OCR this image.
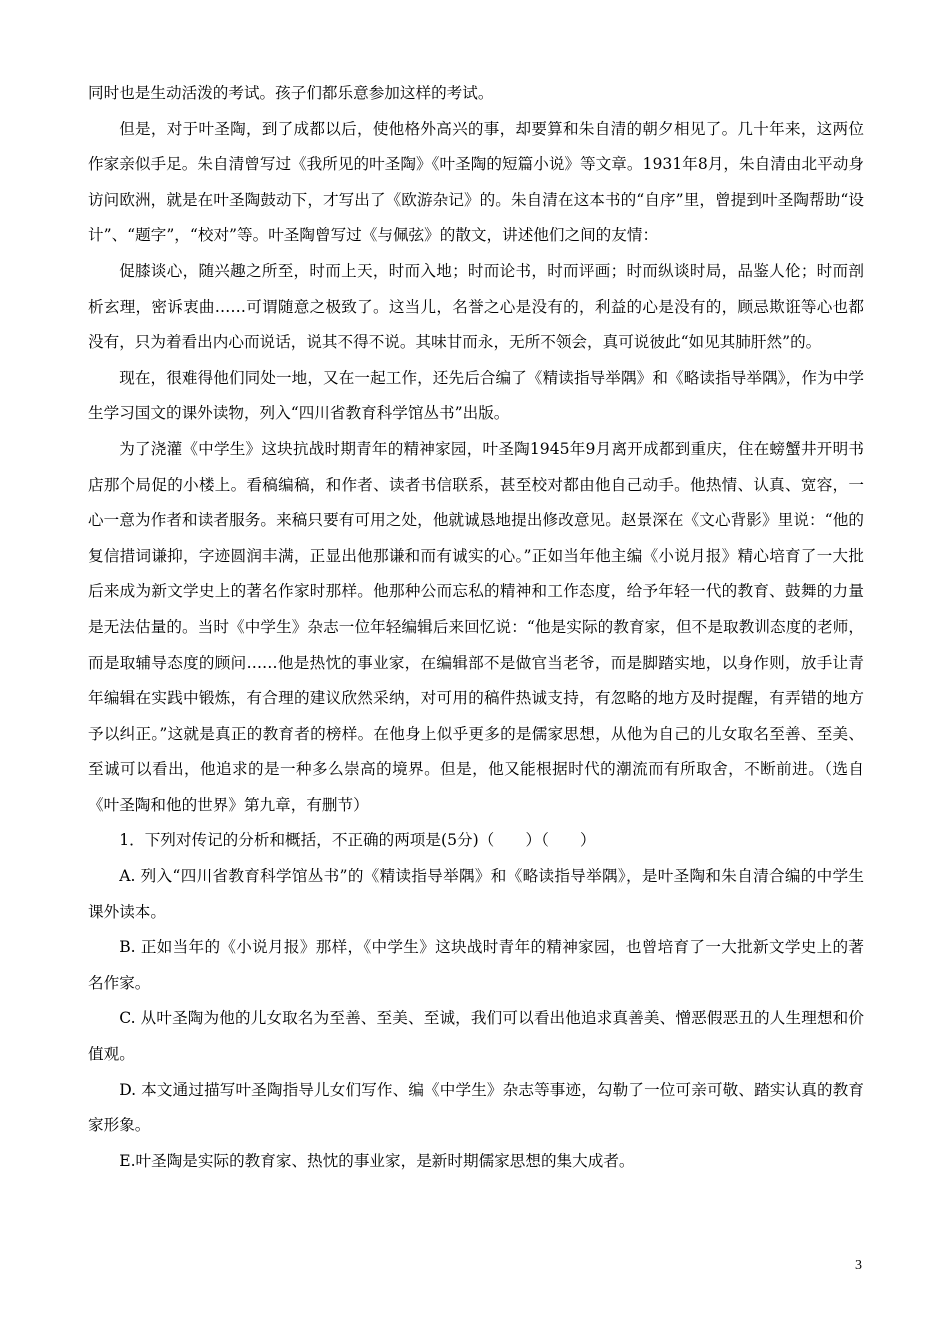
同时也是生动活泼的考试。孩子们都乐意参加这样的考试。

但是，对于叶圣陶，到了成都以后，使他格外高兴的事，却要算和朱自清的朝夕相见了。几十年来，这两位作家亲似手足。朱自清曾写过《我所见的叶圣陶》《叶圣陶的短篇小说》等文章。1931年8月，朱自清由北平动身访问欧洲，就是在叶圣陶鼓动下，才写出了《欧游杂记》的。朱自清在这本书的“自序”里，曾提到叶圣陶帮助“设计”、“题字”，“校对”等。叶圣陶曾写过《与佩弦》的散文，讲述他们之间的友情：

促膝谈心，随兴趣之所至，时而上天，时而入地；时而论书，时而评画；时而纵谈时局，品鉴人伦；时而剖析玄理，密诉衷曲……可谓随意之极致了。这当儿，名誉之心是没有的，利益的心是没有的，顾忌欺诳等心也都没有，只为着看出内心而说话，说其不得不说。其味甘而永，无所不领会，真可说彼此“如见其肺肝然”的。

现在，很难得他们同处一地，又在一起工作，还先后合编了《精读指导举隅》和《略读指导举隅》，作为中学生学习国文的课外读物，列入“四川省教育科学馆丛书”出版。

为了浇灌《中学生》这块抗战时期青年的精神家园，叶圣陶1945年9月离开成都到重庆，住在螃蟹井开明书店那个局促的小楼上。看稿编稿，和作者、读者书信联系，甚至校对都由他自己动手。他热情、认真、宽容，一心一意为作者和读者服务。来稿只要有可用之处，他就诚恳地提出修改意见。赵景深在《文心背影》里说：“他的复信措词谦抑，字迹圆润丰满，正显出他那谦和而有诚实的心。”正如当年他主编《小说月报》精心培育了一大批后来成为新文学史上的著名作家时那样。他那种公而忘私的精神和工作态度，给予年轻一代的教育、鼓舞的力量是无法估量的。当时《中学生》杂志一位年轻编辑后来回忆说：“他是实际的教育家，但不是取教训态度的老师，而是取辅导态度的顾问……他是热忱的事业家，在编辑部不是做官当老爷，而是脚踏实地，以身作则，放手让青年编辑在实践中锻炼，有合理的建议欣然采纳，对可用的稿件热诚支持，有忽略的地方及时提醒，有弄错的地方予以纠正。”这就是真正的教育者的榜样。在他身上似乎更多的是儒家思想，从他为自己的儿女取名至善、至美、至诚可以看出，他追求的是一种多么崇高的境界。但是，他又能根据时代的潮流而有所取舍，不断前进。（选自《叶圣陶和他的世界》第九章，有删节）

1．下列对传记的分析和概括，不正确的两项是(5分)（　　）（　　）

A. 列入“四川省教育科学馆丛书”的《精读指导举隅》和《略读指导举隅》，是叶圣陶和朱自清合编的中学生课外读本。

B. 正如当年的《小说月报》那样，《中学生》这块战时青年的精神家园，也曾培育了一大批新文学史上的著名作家。

C. 从叶圣陶为他的儿女取名为至善、至美、至诚，我们可以看出他追求真善美、憎恶假恶丑的人生理想和价值观。

D. 本文通过描写叶圣陶指导儿女们写作、编《中学生》杂志等事迹，勾勒了一位可亲可敬、踏实认真的教育家形象。

E.叶圣陶是实际的教育家、热忱的事业家，是新时期儒家思想的集大成者。

3
